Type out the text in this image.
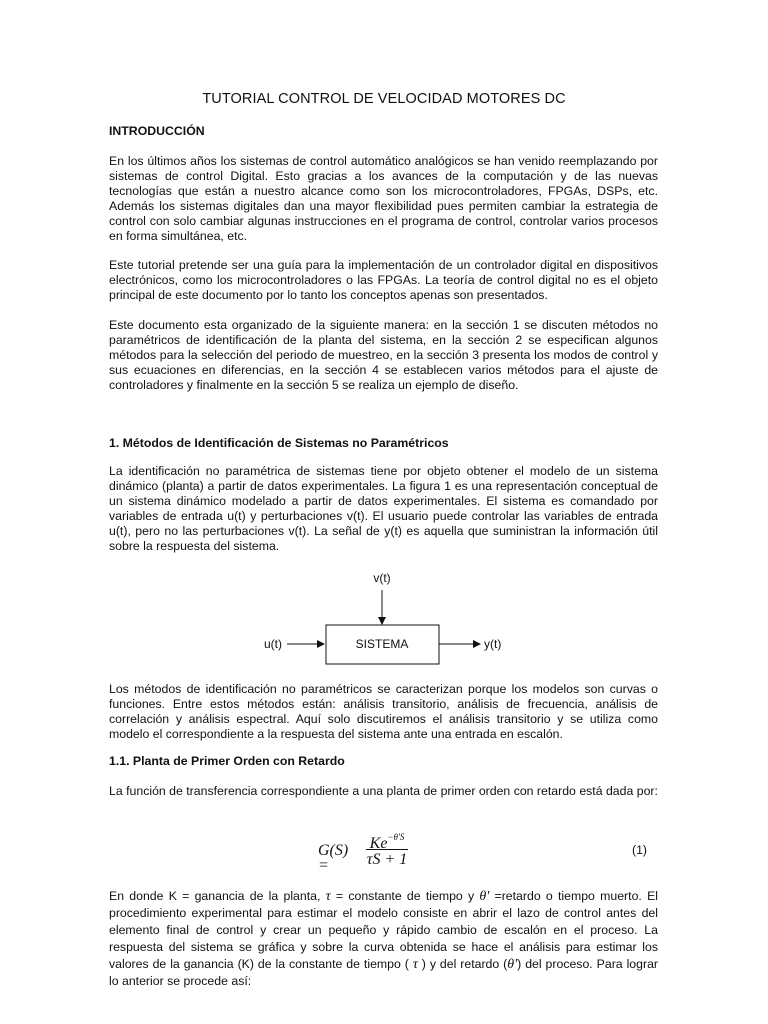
TUTORIAL CONTROL DE VELOCIDAD MOTORES DC
INTRODUCCIÓN

En los últimos años los sistemas de control automático analógicos se han venido reemplazando por sistemas de control Digital. Esto gracias a los avances de la computación y de las nuevas tecnologías que están a nuestro alcance como son los microcontroladores, FPGAs, DSPs, etc. Además los sistemas digitales dan una mayor flexibilidad pues permiten cambiar la estrategia de control con solo cambiar algunas instrucciones en el programa de control, controlar varios procesos en forma simultánea, etc.

Este tutorial pretende ser una guía para la implementación de un controlador digital en dispositivos electrónicos, como los microcontroladores o las FPGAs. La teoría de control digital no es el objeto principal de este documento por lo tanto los conceptos apenas son presentados.

Este documento esta organizado de la siguiente manera: en la sección 1 se discuten métodos no paramétricos de identificación de la planta del sistema, en la sección 2 se especifican algunos métodos para la selección del periodo de muestreo, en la sección 3 presenta los modos de control y sus ecuaciones en diferencias, en la sección 4 se establecen varios métodos para el ajuste de controladores y finalmente en la sección 5 se realiza un ejemplo de diseño.

1. Métodos de Identificación de Sistemas no Paramétricos

La identificación no paramétrica de sistemas tiene por objeto obtener el modelo de un sistema dinámico (planta) a partir de datos experimentales. La figura 1 es una representación conceptual de un sistema dinámico modelado a partir de datos experimentales. El sistema es comandado por variables de entrada u(t) y perturbaciones v(t). El usuario puede controlar las variables de entrada u(t), pero no las perturbaciones v(t). La señal de y(t) es aquella que suministran la información útil sobre la respuesta del sistema.

v(t)
u(t)	SISTEMA	y(t)

Los métodos de identificación no paramétricos se caracterizan porque los modelos son curvas o funciones. Entre estos métodos están: análisis transitorio, análisis de frecuencia, análisis de correlación y análisis espectral. Aquí solo discutiremos el análisis transitorio y se utiliza como modelo el correspondiente a la respuesta del sistema ante una entrada en escalón.

1.1. Planta de Primer Orden con Retardo

La función de transferencia correspondiente a una planta de primer orden con retardo está dada por:

G(S) =
$Ke^{-\theta'S}$
τS + 1
(1)

En donde K = ganancia de la planta, τ = constante de tiempo y θ' =retardo o tiempo muerto. El procedimiento experimental para estimar el modelo consiste en abrir el lazo de control antes del elemento final de control y crear un pequeño y rápido cambio de escalón en el proceso. La respuesta del sistema se gráfica y sobre la curva obtenida se hace el análisis para estimar los valores de la ganancia (K) de la constante de tiempo ( τ ) y del retardo (θ') del proceso. Para lograr lo anterior se procede así:
